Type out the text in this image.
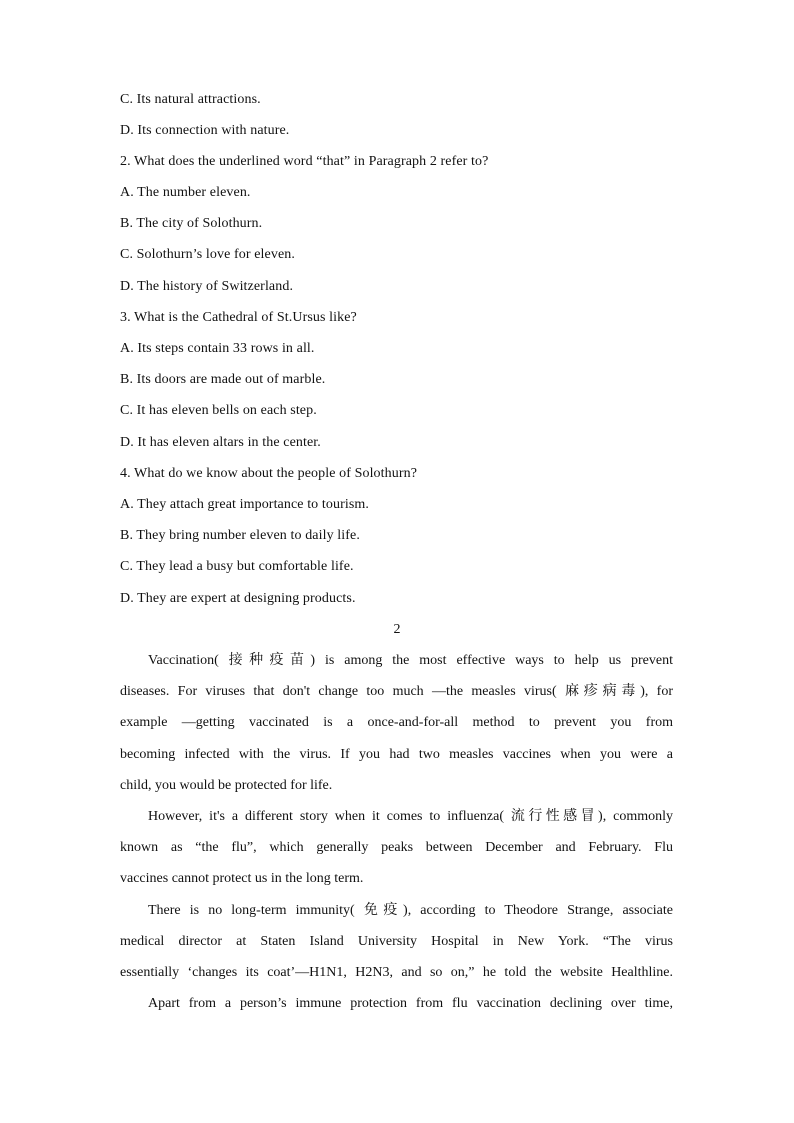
C. Its natural attractions.
D. Its connection with nature.
2. What does the underlined word “that” in Paragraph 2 refer to?
A. The number eleven.
B. The city of Solothurn.
C. Solothurn’s love for eleven.
D. The history of Switzerland.
3. What is the Cathedral of St.Ursus like?
A. Its steps contain 33 rows in all.
B. Its doors are made out of marble.
C. It has eleven bells on each step.
D. It has eleven altars in the center.
4. What do we know about the people of Solothurn?
A. They attach great importance to tourism.
B. They bring number eleven to daily life.
C. They lead a busy but comfortable life.
D. They are expert at designing products.
2
Vaccination( 接种疫苗) is among the most effective ways to help us prevent
diseases. For viruses that don't change too much —the measles virus( 麻疹病毒), for
example —getting vaccinated is a once-and-for-all method to prevent you from
becoming infected with the virus. If you had two measles vaccines when you were a
child, you would be protected for life.
However, it's a different story when it comes to influenza( 流行性感冒), commonly
known as “the flu”, which generally peaks between December and February. Flu
vaccines cannot protect us in the long term.
There is no long-term immunity( 免疫), according to Theodore Strange, associate
medical director at Staten Island University Hospital in New York. “The virus
essentially ‘changes its coat’—H1N1, H2N3, and so on,” he told the website Healthline.
Apart from a person’s immune protection from flu vaccination declining over time,
